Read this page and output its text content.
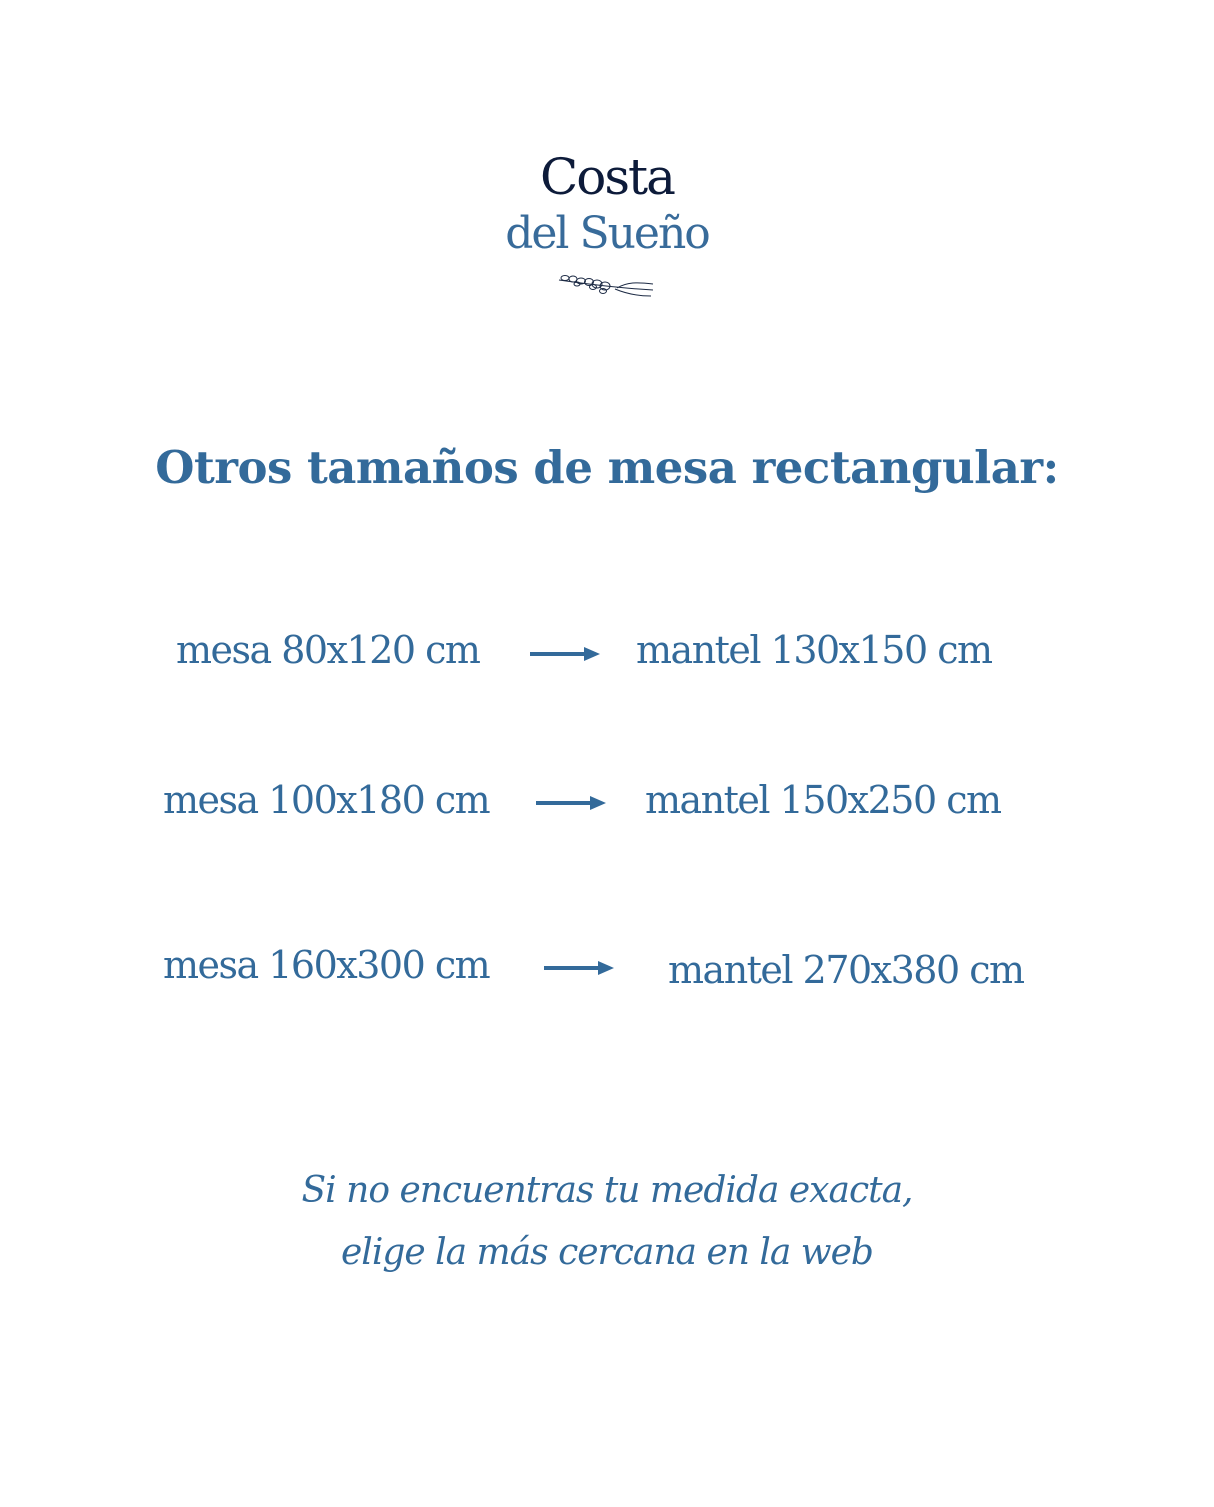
Costa
del Sueño
Otros tamaños de mesa rectangular:
mesa 80x120 cm	mantel 130x150 cm
mesa 100x180 cm	mantel 150x250 cm
mesa 160x300 cm	mantel 270x380 cm
Si no encuentras tu medida exacta,
elige la más cercana en la web
